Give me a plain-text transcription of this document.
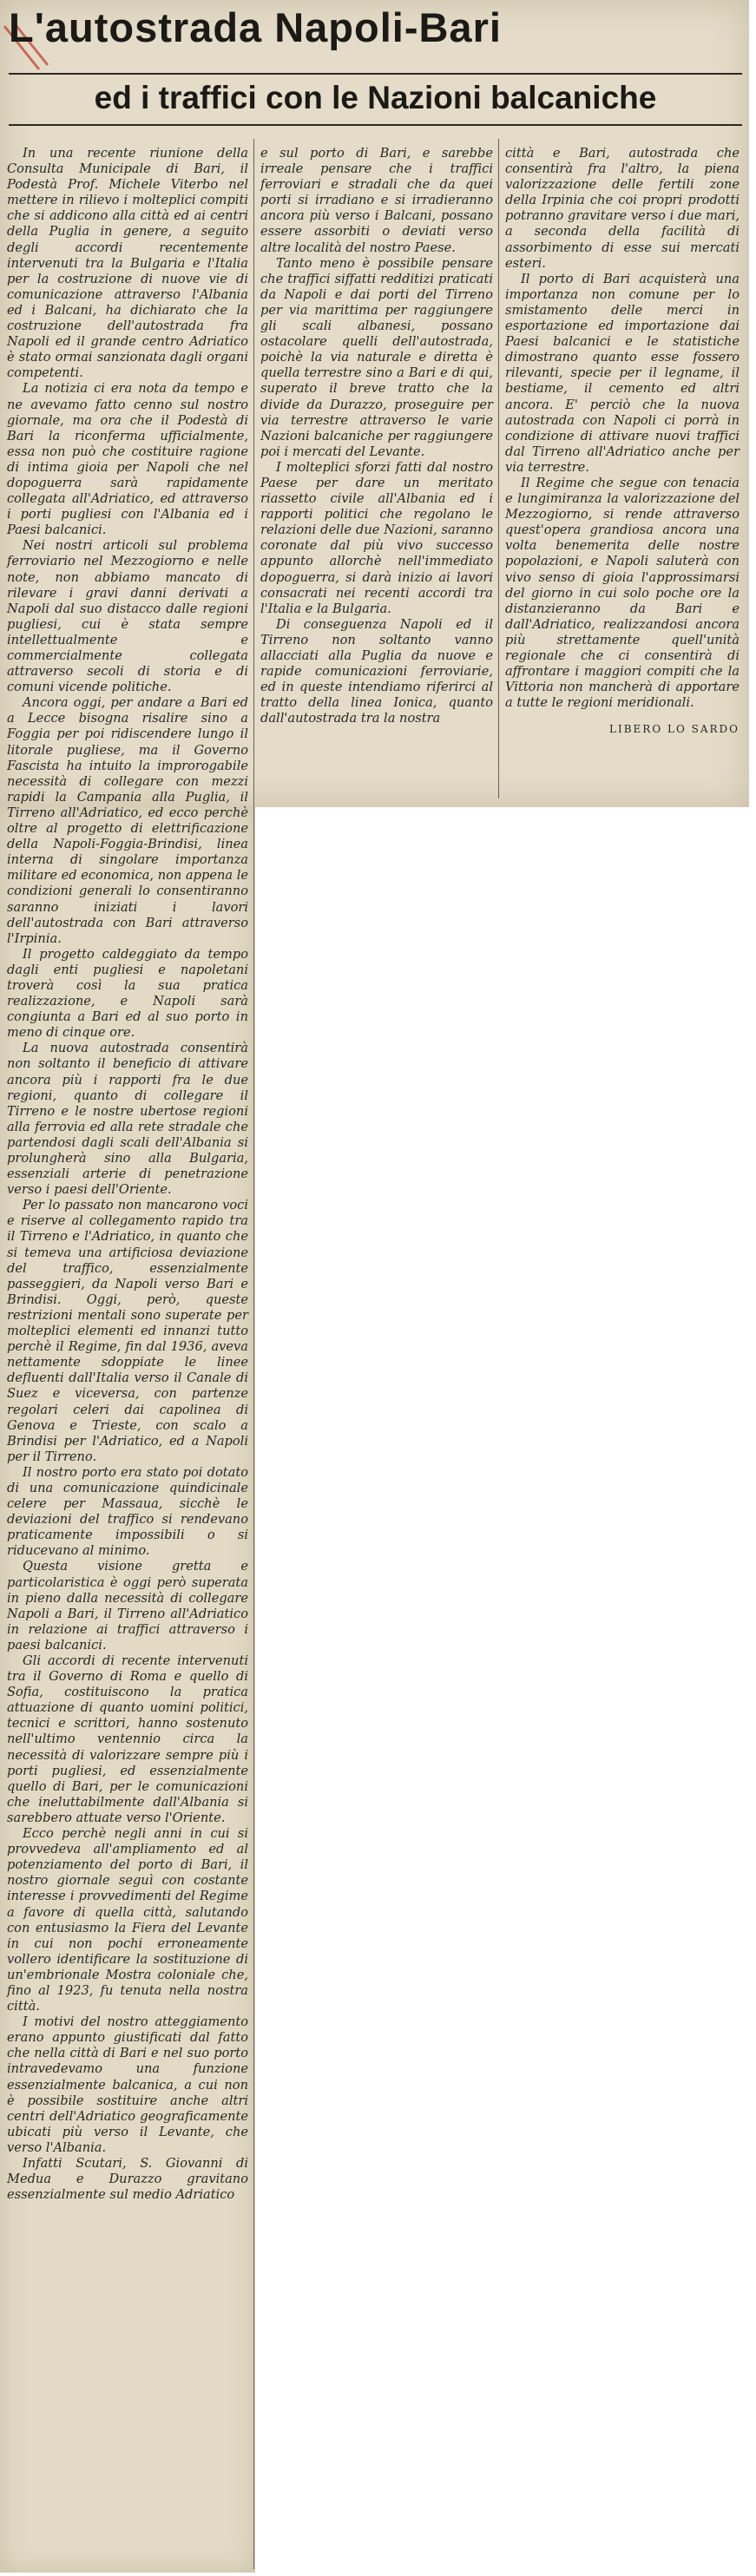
L'autostrada Napoli-Bari
ed i traffici con le Nazioni balcaniche

In una recente riunione della Consulta Municipale di Bari, il Podestà Prof. Michele Viterbo nel mettere in rilievo i molteplici compiti che si addicono alla città ed ai centri della Puglia in genere, a seguito degli accordi recentemente intervenuti tra la Bulgaria e l'Italia per la costruzione di nuove vie di comunicazione attraverso l'Albania ed i Balcani, ha dichiarato che la costruzione dell'autostrada fra Napoli ed il grande centro Adriatico è stato ormai sanzionata dagli organi competenti.

La notizia ci era nota da tempo e ne avevamo fatto cenno sul nostro giornale, ma ora che il Podestà di Bari la riconferma ufficialmente, essa non può che costituire ragione di intima gioia per Napoli che nel dopoguerra sarà rapidamente collegata all'Adriatico, ed attraverso i porti pugliesi con l'Albania ed i Paesi balcanici.

Nei nostri articoli sul problema ferroviario nel Mezzogiorno e nelle note, non abbiamo mancato di rilevare i gravi danni derivati a Napoli dal suo distacco dalle regioni pugliesi, cui è stata sempre intellettualmente e commercialmente collegata attraverso secoli di storia e di comuni vicende politiche.

Ancora oggi, per andare a Bari ed a Lecce bisogna risalire sino a Foggia per poi ridiscendere lungo il litorale pugliese, ma il Governo Fascista ha intuito la improrogabile necessità di collegare con mezzi rapidi la Campania alla Puglia, il Tirreno all'Adriatico, ed ecco perchè oltre al progetto di elettrificazione della Napoli-Foggia-Brindisi, linea interna di singolare importanza militare ed economica, non appena le condizioni generali lo consentiranno saranno iniziati i lavori dell'autostrada con Bari attraverso l'Irpinia.

Il progetto caldeggiato da tempo dagli enti pugliesi e napoletani troverà così la sua pratica realizzazione, e Napoli sarà congiunta a Bari ed al suo porto in meno di cinque ore.

La nuova autostrada consentirà non soltanto il beneficio di attivare ancora più i rapporti fra le due regioni, quanto di collegare il Tirreno e le nostre ubertose regioni alla ferrovia ed alla rete stradale che partendosi dagli scali dell'Albania si prolungherà sino alla Bulgaria, essenziali arterie di penetrazione verso i paesi dell'Oriente.

Per lo passato non mancarono voci e riserve al collegamento rapido tra il Tirreno e l'Adriatico, in quanto che si temeva una artificiosa deviazione del traffico, essenzialmente passeggieri, da Napoli verso Bari e Brindisi. Oggi, però, queste restrizioni mentali sono superate per molteplici elementi ed innanzi tutto perchè il Regime, fin dal 1936, aveva nettamente sdoppiate le linee defluenti dall'Italia verso il Canale di Suez e viceversa, con partenze regolari celeri dai capolinea di Genova e Trieste, con scalo a Brindisi per l'Adriatico, ed a Napoli per il Tirreno.

Il nostro porto era stato poi dotato di una comunicazione quindicinale celere per Massaua, sicchè le deviazioni del traffico si rendevano praticamente impossibili o si riducevano al minimo.

Questa visione gretta e particolaristica è oggi però superata in pieno dalla necessità di collegare Napoli a Bari, il Tirreno all'Adriatico in relazione ai traffici attraverso i paesi balcanici.

Gli accordi di recente intervenuti tra il Governo di Roma e quello di Sofia, costituiscono la pratica attuazione di quanto uomini politici, tecnici e scrittori, hanno sostenuto nell'ultimo ventennio circa la necessità di valorizzare sempre più i porti pugliesi, ed essenzialmente quello di Bari, per le comunicazioni che ineluttabilmente dall'Albania si sarebbero attuate verso l'Oriente.

Ecco perchè negli anni in cui si provvedeva all'ampliamento ed al potenziamento del porto di Bari, il nostro giornale seguì con costante interesse i provvedimenti del Regime a favore di quella città, salutando con entusiasmo la Fiera del Levante in cui non pochi erroneamente vollero identificare la sostituzione di un'embrionale Mostra coloniale che, fino al 1923, fu tenuta nella nostra città.

I motivi del nostro atteggiamento erano appunto giustificati dal fatto che nella città di Bari e nel suo porto intravedevamo una funzione essenzialmente balcanica, a cui non è possibile sostituire anche altri centri dell'Adriatico geograficamente ubicati più verso il Levante, che verso l'Albania.

Infatti Scutari, S. Giovanni di Medua e Durazzo gravitano essenzialmente sul medio Adriatico

e sul porto di Bari, e sarebbe irreale pensare che i traffici ferroviari e stradali che da quei porti si irradiano e si irradieranno ancora più verso i Balcani, possano essere assorbiti o deviati verso altre località del nostro Paese.

Tanto meno è possibile pensare che traffici siffatti redditizi praticati da Napoli e dai porti del Tirreno per via marittima per raggiungere gli scali albanesi, possano ostacolare quelli dell'autostrada, poichè la via naturale e diretta è quella terrestre sino a Bari e di qui, superato il breve tratto che la divide da Durazzo, proseguire per via terrestre attraverso le varie Nazioni balcaniche per raggiungere poi i mercati del Levante.

I molteplici sforzi fatti dal nostro Paese per dare un meritato riassetto civile all'Albania ed i rapporti politici che regolano le relazioni delle due Nazioni, saranno coronate dal più vivo successo appunto allorchè nell'immediato dopoguerra, si darà inizio ai lavori consacrati nei recenti accordi tra l'Italia e la Bulgaria.

Di conseguenza Napoli ed il Tirreno non soltanto vanno allacciati alla Puglia da nuove e rapide comunicazioni ferroviarie, ed in queste intendiamo riferirci al tratto della linea Ionica, quanto dall'autostrada tra la nostra

città e Bari, autostrada che consentirà fra l'altro, la piena valorizzazione delle fertili zone della Irpinia che coi propri prodotti potranno gravitare verso i due mari, a seconda della facilità di assorbimento di esse sui mercati esteri.

Il porto di Bari acquisterà una importanza non comune per lo smistamento delle merci in esportazione ed importazione dai Paesi balcanici e le statistiche dimostrano quanto esse fossero rilevanti, specie per il legname, il bestiame, il cemento ed altri ancora. E' perciò che la nuova autostrada con Napoli ci porrà in condizione di attivare nuovi traffici dal Tirreno all'Adriatico anche per via terrestre.

Il Regime che segue con tenacia e lungimiranza la valorizzazione del Mezzogiorno, si rende attraverso quest'opera grandiosa ancora una volta benemerita delle nostre popolazioni, e Napoli saluterà con vivo senso di gioia l'approssimarsi del giorno in cui solo poche ore la distanzieranno da Bari e dall'Adriatico, realizzandosi ancora più strettamente quell'unità regionale che ci consentirà di affrontare i maggiori compiti che la Vittoria non mancherà di apportare a tutte le regioni meridionali.

LIBERO LO SARDO
